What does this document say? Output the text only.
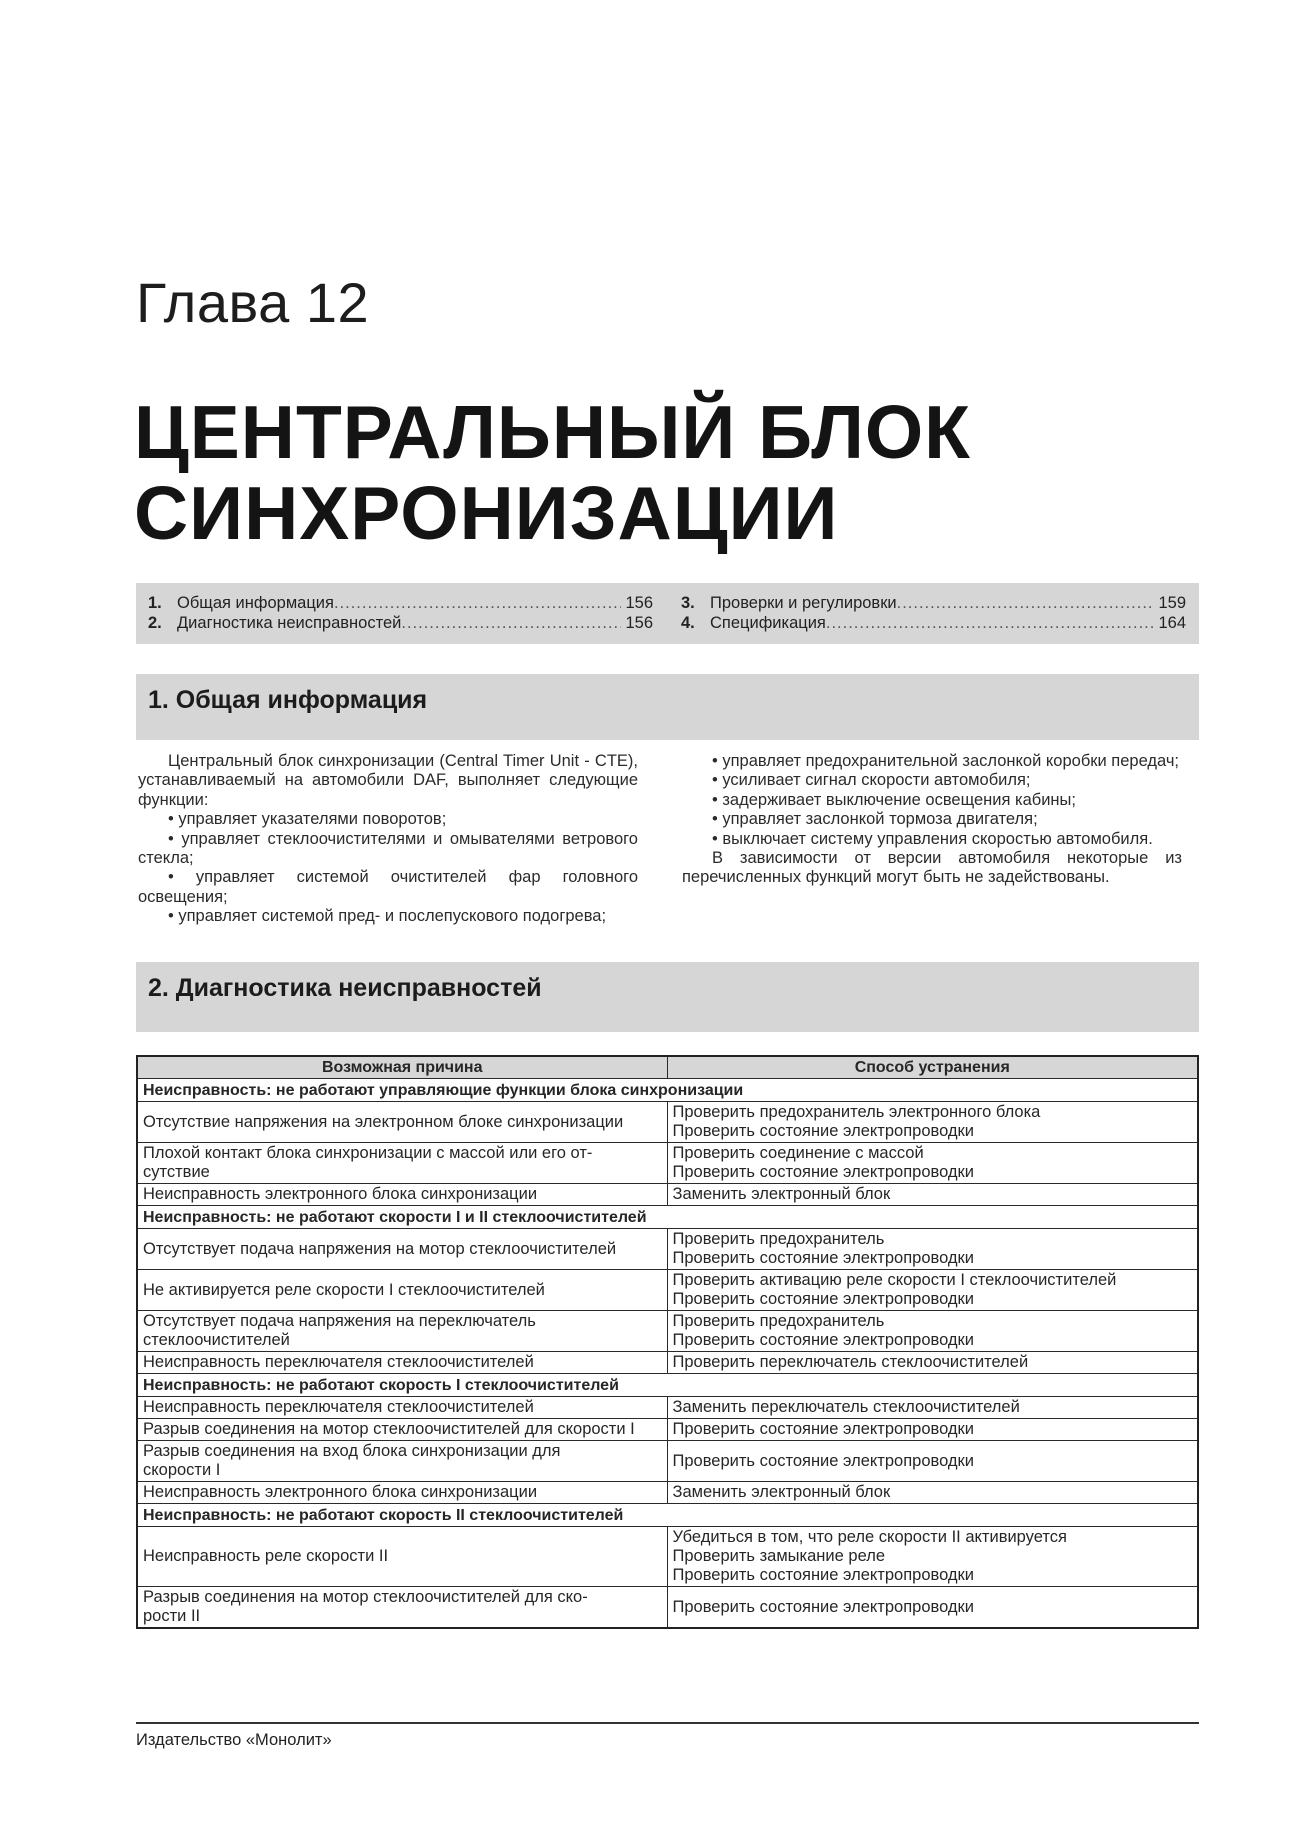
Глава 12
ЦЕНТРАЛЬНЫЙ БЛОК
СИНХРОНИЗАЦИИ
1. Общая информация .....	156
2. Диагностика неисправностей .....	156
3. Проверки и регулировки .....	159
4. Спецификация .....	164
1. Общая информация

Центральный блок синхронизации (Central Timer Unit - CTE), устанавливаемый на автомобили DAF, выполняет следующие функции:

• управляет указателями поворотов;

• управляет стеклоочистителями и омывателями ветрового стекла;

• управляет системой очистителей фар головного освещения;

• управляет системой пред- и послепускового подогрева;

• управляет предохранительной заслонкой коробки передач;

• усиливает сигнал скорости автомобиля;

• задерживает выключение освещения кабины;

• управляет заслонкой тормоза двигателя;

• выключает систему управления скоростью автомобиля.

В зависимости от версии автомобиля некоторые из перечисленных функций могут быть не задействованы.

2. Диагностика неисправностей
Возможная причина	Способ устранения
Неисправность: не работают управляющие функции блока синхронизации	

Отсутствие напряжения на электронном блоке синхронизации	Проверить предохранитель электронного блока
Проверить состояние электропроводки

Плохой контакт блока синхронизации с массой или его от-
сутствие	Проверить соединение с массой
Проверить состояние электропроводки

Неисправность электронного блока синхронизации	Заменить электронный блок

Неисправность: не работают скорости I и II стеклоочистителей	

Отсутствует подача напряжения на мотор стеклоочистителей	Проверить предохранитель
Проверить состояние электропроводки

Не активируется реле скорости I стеклоочистителей	Проверить активацию реле скорости I стеклоочистителей
Проверить состояние электропроводки

Отсутствует подача напряжения на переключатель
стеклоочистителей	Проверить предохранитель
Проверить состояние электропроводки

Неисправность переключателя стеклоочистителей	Проверить переключатель стеклоочистителей

Неисправность: не работают скорость I стеклоочистителей	

Неисправность переключателя стеклоочистителей	Заменить переключатель стеклоочистителей

Разрыв соединения на мотор стеклоочистителей для скорости I	Проверить состояние электропроводки

Разрыв соединения на вход блока синхронизации для
скорости I	Проверить состояние электропроводки

Неисправность электронного блока синхронизации	Заменить электронный блок

Неисправность: не работают скорость II стеклоочистителей	

Неисправность реле скорости II	Убедиться в том, что реле скорости II активируется
Проверить замыкание реле
Проверить состояние электропроводки

Разрыв соединения на мотор стеклоочистителей для ско-
рости II	Проверить состояние электропроводки
Издательство «Монолит»
